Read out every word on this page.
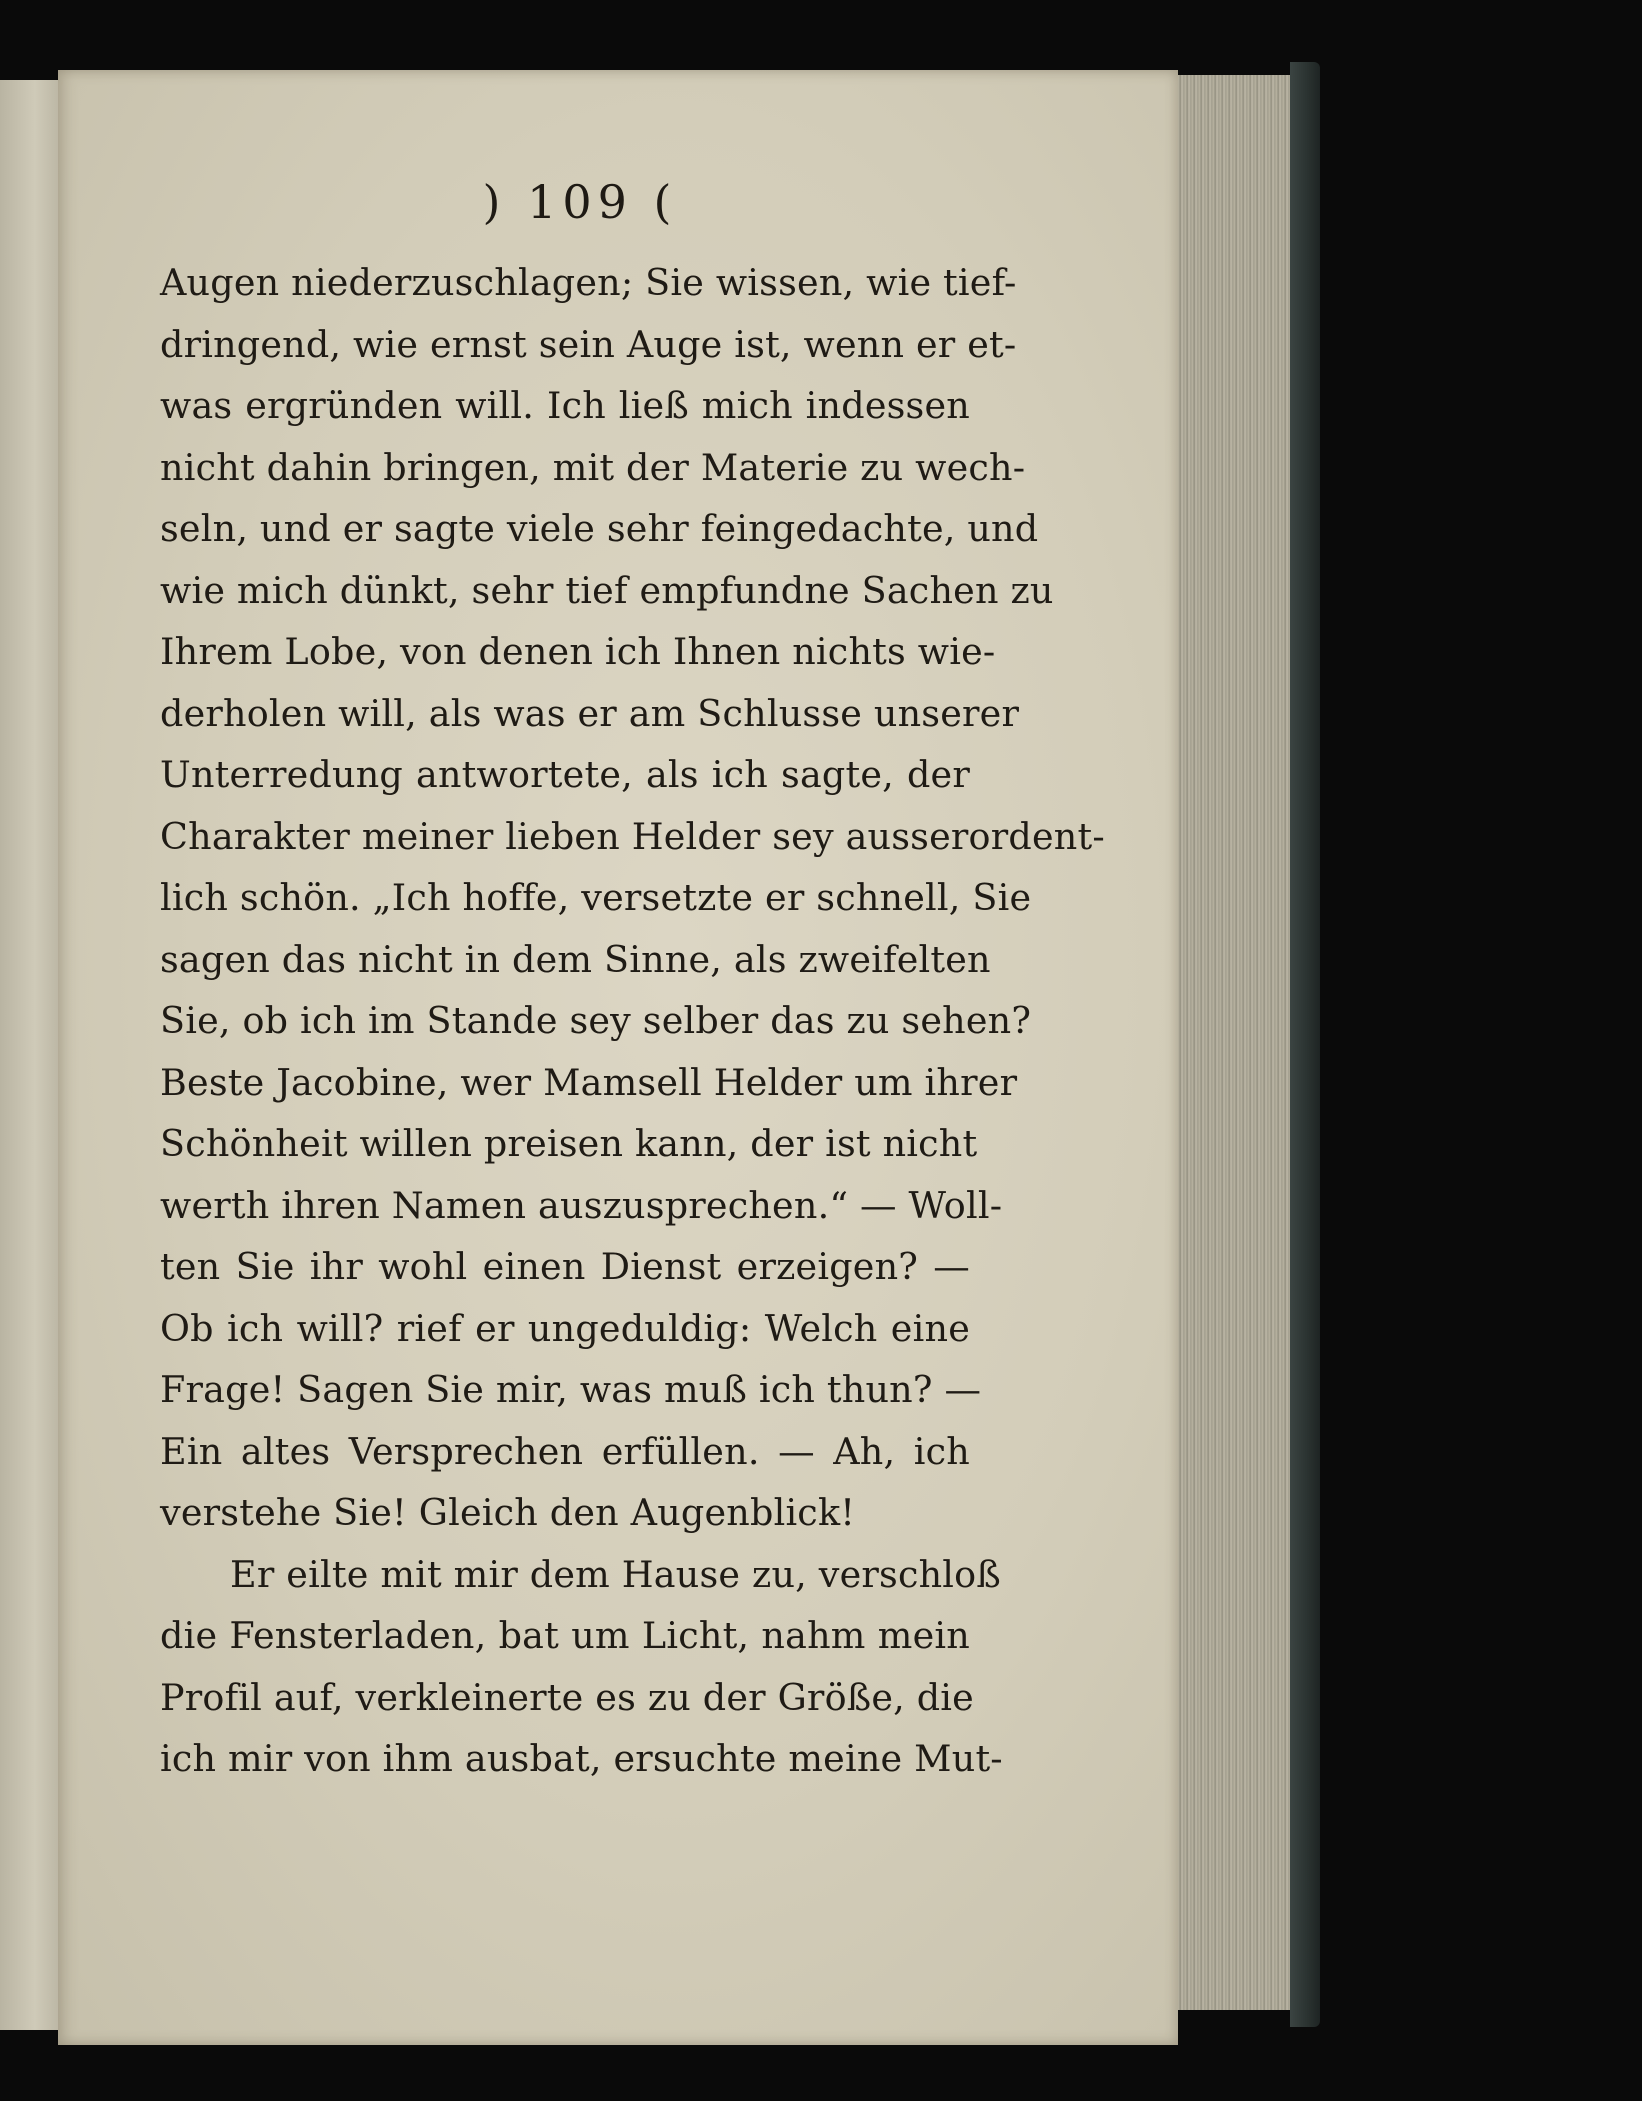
) 109 (
Augen niederzuschlagen; Sie wissen, wie tief-
dringend, wie ernst sein Auge ist, wenn er et-
was ergründen will. Ich ließ mich indessen
nicht dahin bringen, mit der Materie zu wech-
seln, und er sagte viele sehr feingedachte, und
wie mich dünkt, sehr tief empfundne Sachen zu
Ihrem Lobe, von denen ich Ihnen nichts wie-
derholen will, als was er am Schlusse unserer
Unterredung antwortete, als ich sagte, der
Charakter meiner lieben Helder sey ausserordent-
lich schön. „Ich hoffe, versetzte er schnell, Sie
sagen das nicht in dem Sinne, als zweifelten
Sie, ob ich im Stande sey selber das zu sehen?
Beste Jacobine, wer Mamsell Helder um ihrer
Schönheit willen preisen kann, der ist nicht
werth ihren Namen auszusprechen.“ — Woll-
ten Sie ihr wohl einen Dienst erzeigen? —
Ob ich will? rief er ungeduldig: Welch eine
Frage! Sagen Sie mir, was muß ich thun? —
Ein altes Versprechen erfüllen. — Ah, ich
verstehe Sie! Gleich den Augenblick!
Er eilte mit mir dem Hause zu, verschloß
die Fensterladen, bat um Licht, nahm mein
Profil auf, verkleinerte es zu der Größe, die
ich mir von ihm ausbat, ersuchte meine Mut-
